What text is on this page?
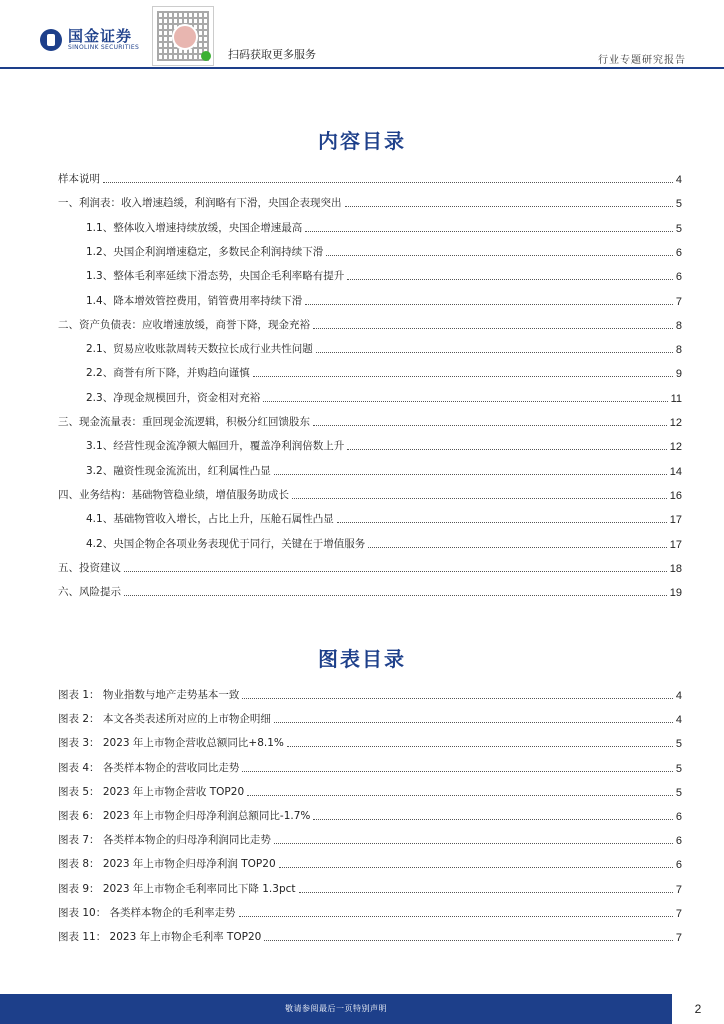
国金证券
SINOLINK SECURITIES
扫码获取更多服务	行业专题研究报告
内容目录
样本说明	4
一、利润表：收入增速趋缓，利润略有下滑，央国企表现突出	5
1.1、整体收入增速持续放缓，央国企增速最高	5
1.2、央国企利润增速稳定，多数民企利润持续下滑	6
1.3、整体毛利率延续下滑态势，央国企毛利率略有提升	6
1.4、降本增效管控费用，销管费用率持续下滑	7
二、资产负债表：应收增速放缓，商誉下降，现金充裕	8
2.1、贸易应收账款周转天数拉长成行业共性问题	8
2.2、商誉有所下降，并购趋向谨慎	9
2.3、净现金规模回升，资金相对充裕	11
三、现金流量表：重回现金流逻辑，积极分红回馈股东	12
3.1、经营性现金流净额大幅回升，覆盖净利润倍数上升	12
3.2、融资性现金流流出，红利属性凸显	14
四、业务结构：基础物管稳业绩，增值服务助成长	16
4.1、基础物管收入增长，占比上升，压舱石属性凸显	17
4.2、央国企物企各项业务表现优于同行，关键在于增值服务	17
五、投资建议	18
六、风险提示	19
图表目录
图表 1： 物业指数与地产走势基本一致	4
图表 2： 本文各类表述所对应的上市物企明细	4
图表 3： 2023 年上市物企营收总额同比+8.1%	5
图表 4： 各类样本物企的营收同比走势	5
图表 5： 2023 年上市物企营收 TOP20	5
图表 6： 2023 年上市物企归母净利润总额同比-1.7%	6
图表 7： 各类样本物企的归母净利润同比走势	6
图表 8： 2023 年上市物企归母净利润 TOP20	6
图表 9： 2023 年上市物企毛利率同比下降 1.3pct	7
图表 10： 各类样本物企的毛利率走势	7
图表 11： 2023 年上市物企毛利率 TOP20	7
敬请参阅最后一页特别声明	2
